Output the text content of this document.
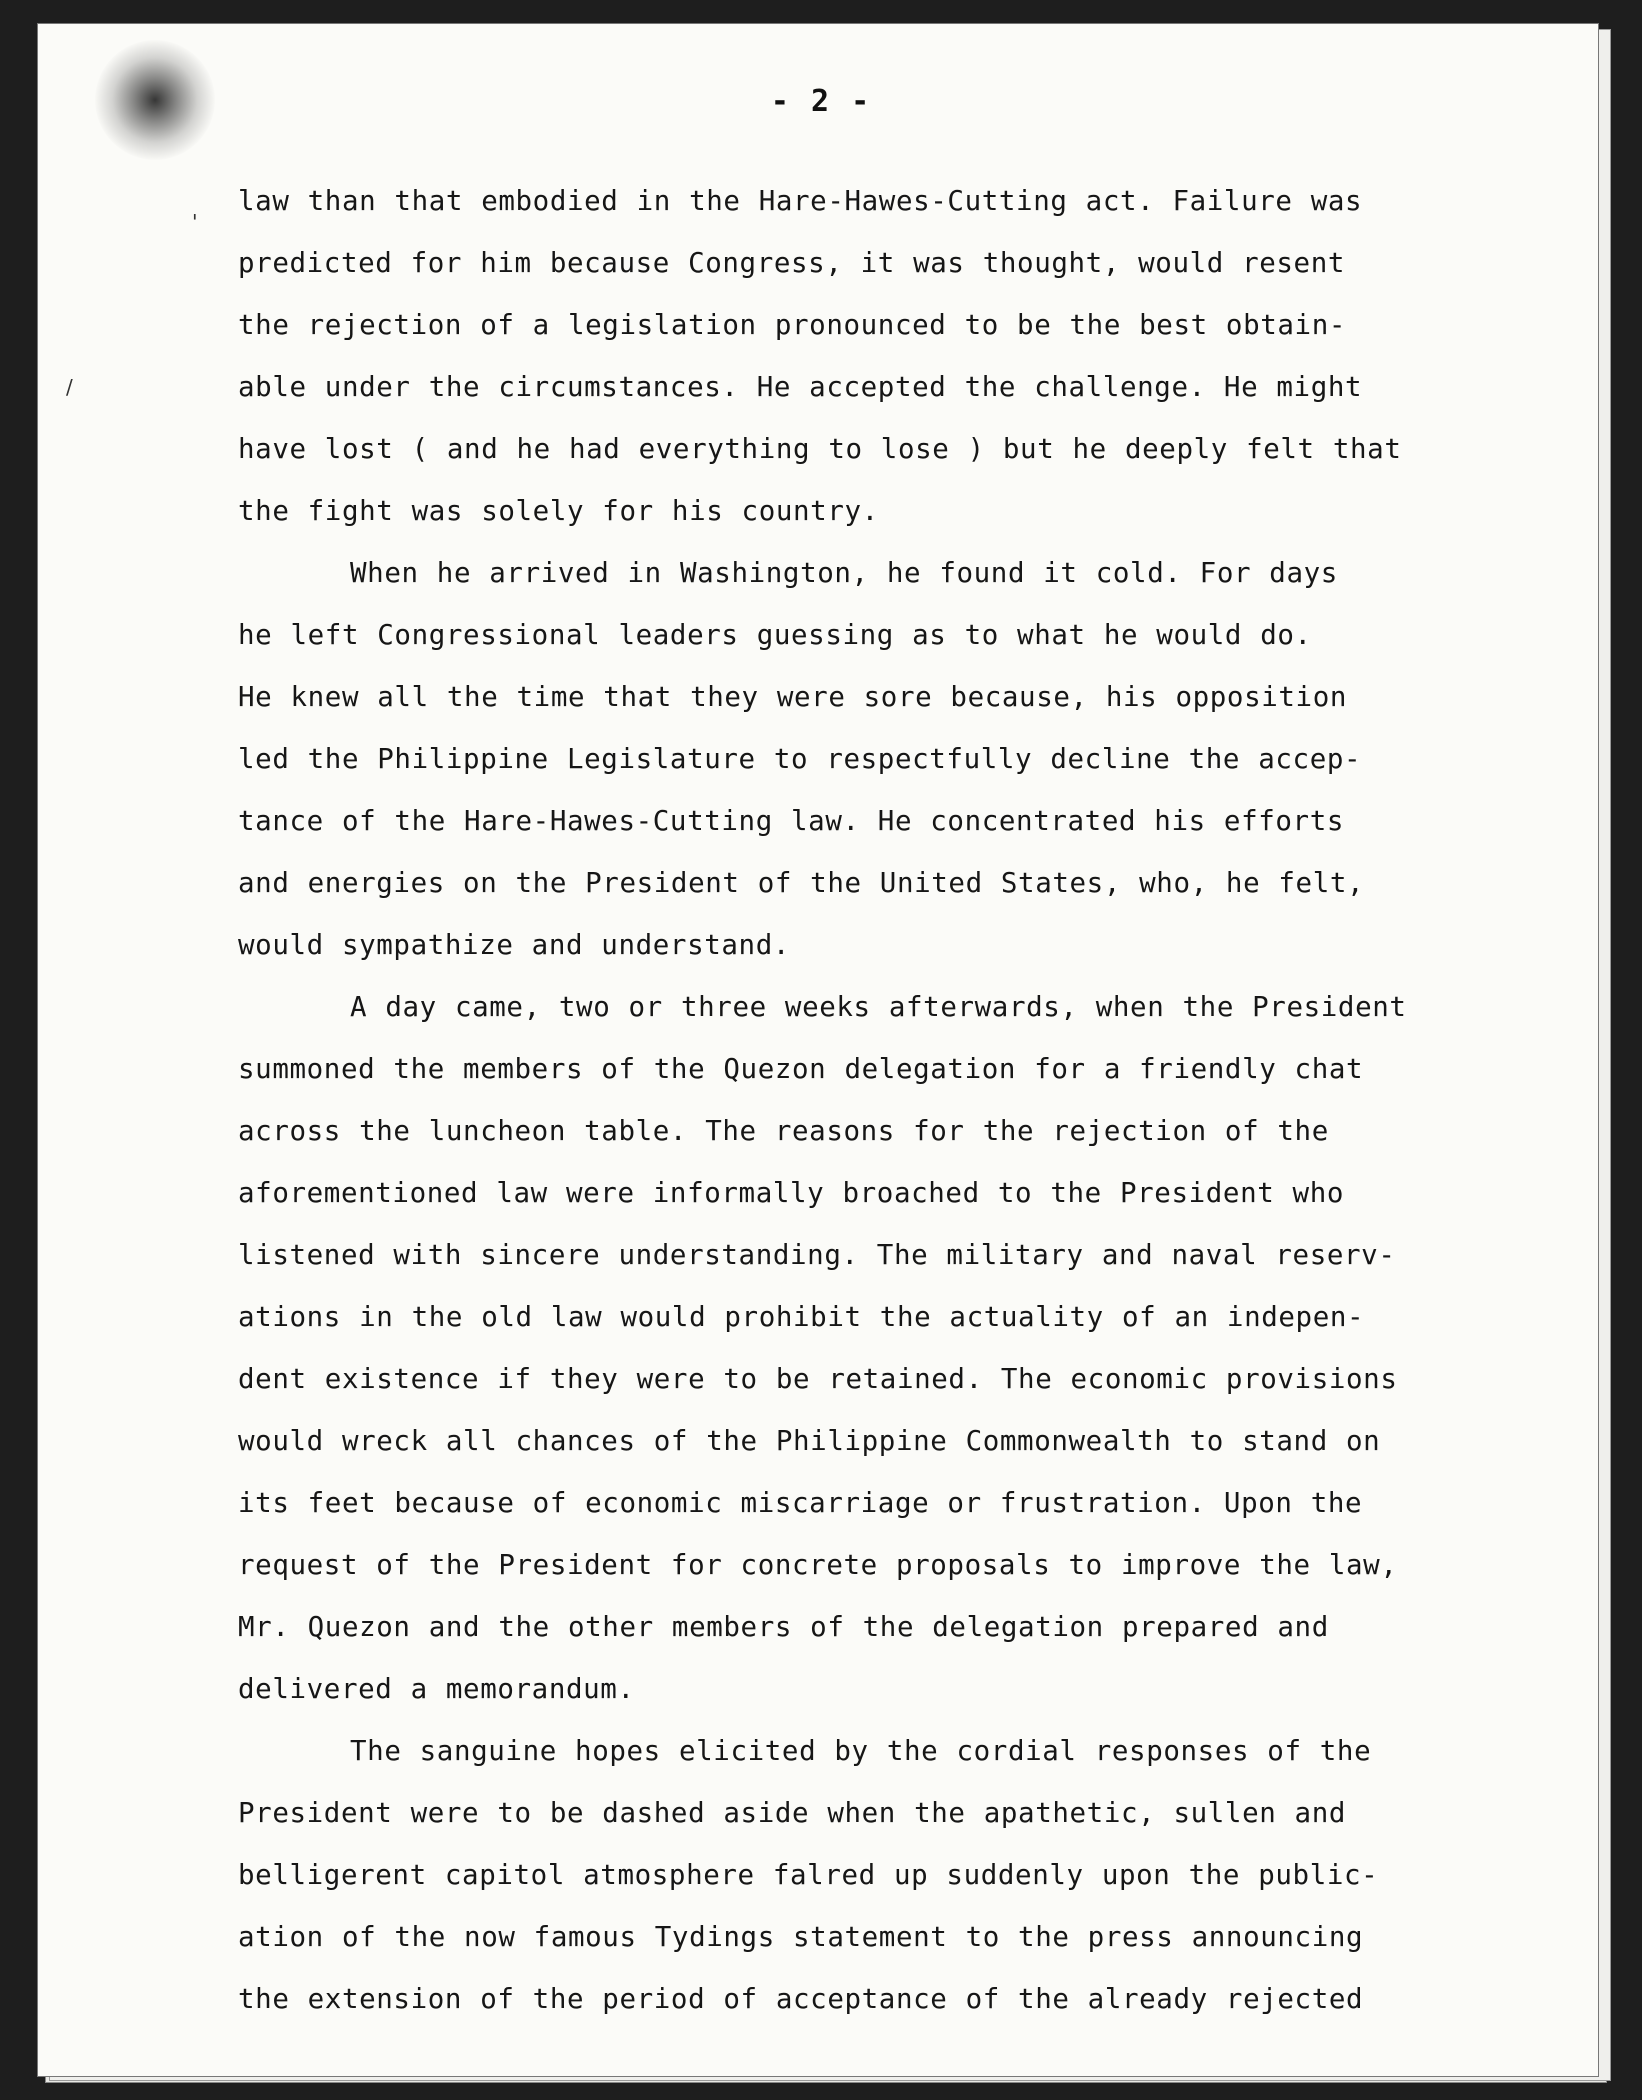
- 2 -
law than that embodied in the Hare-Hawes-Cutting act. Failure was
predicted for him because Congress, it was thought, would resent
the rejection of a legislation pronounced to be the best obtain-
able under the circumstances. He accepted the challenge. He might
have lost ( and he had everything to lose ) but he deeply felt that
the fight was solely for his country.
When he arrived in Washington, he found it cold. For days
he left Congressional leaders guessing as to what he would do.
He knew all the time that they were sore because, his opposition
led the Philippine Legislature to respectfully decline the accep-
tance of the Hare-Hawes-Cutting law. He concentrated his efforts
and energies on the President of the United States, who, he felt,
would sympathize and understand.
A day came, two or three weeks afterwards, when the President
summoned the members of the Quezon delegation for a friendly chat
across the luncheon table. The reasons for the rejection of the
aforementioned law were informally broached to the President who
listened with sincere understanding. The military and naval reserv-
ations in the old law would prohibit the actuality of an indepen-
dent existence if they were to be retained. The economic provisions
would wreck all chances of the Philippine Commonwealth to stand on
its feet because of economic miscarriage or frustration. Upon the
request of the President for concrete proposals to improve the law,
Mr. Quezon and the other members of the delegation prepared and
delivered a memorandum.
The sanguine hopes elicited by the cordial responses of the
President were to be dashed aside when the apathetic, sullen and
belligerent capitol atmosphere falred up suddenly upon the public-
ation of the now famous Tydings statement to the press announcing
the extension of the period of acceptance of the already rejected
'
/
